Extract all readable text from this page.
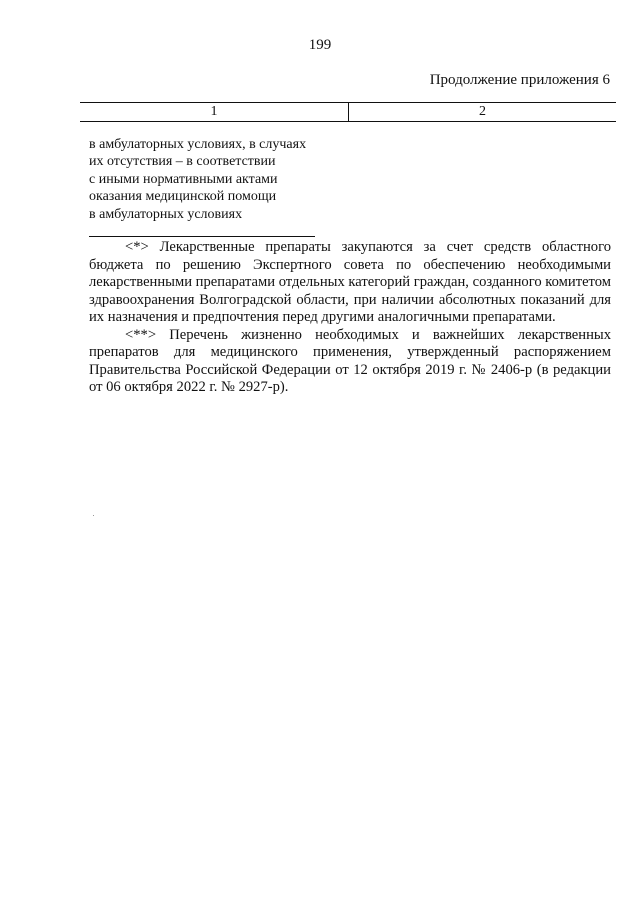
199
Продолжение приложения 6
1	2
в амбулаторных условиях, в случаях
их отсутствия – в соответствии
с иными нормативными актами
оказания медицинской помощи
в амбулаторных условиях

<*> Лекарственные препараты закупаются за счет средств областного бюджета по решению Экспертного совета по обеспечению необходимыми лекарственными препаратами отдельных категорий граждан, созданного комитетом здравоохранения Волгоградской области, при наличии абсолютных показаний для их назначения и предпочтения перед другими аналогичными препаратами.

<**> Перечень жизненно необходимых и важнейших лекарственных препаратов для медицинского применения, утвержденный распоряжением Правительства Российской Федерации от 12 октября 2019 г. № 2406-р (в редакции от 06 октября 2022 г. № 2927-р).
